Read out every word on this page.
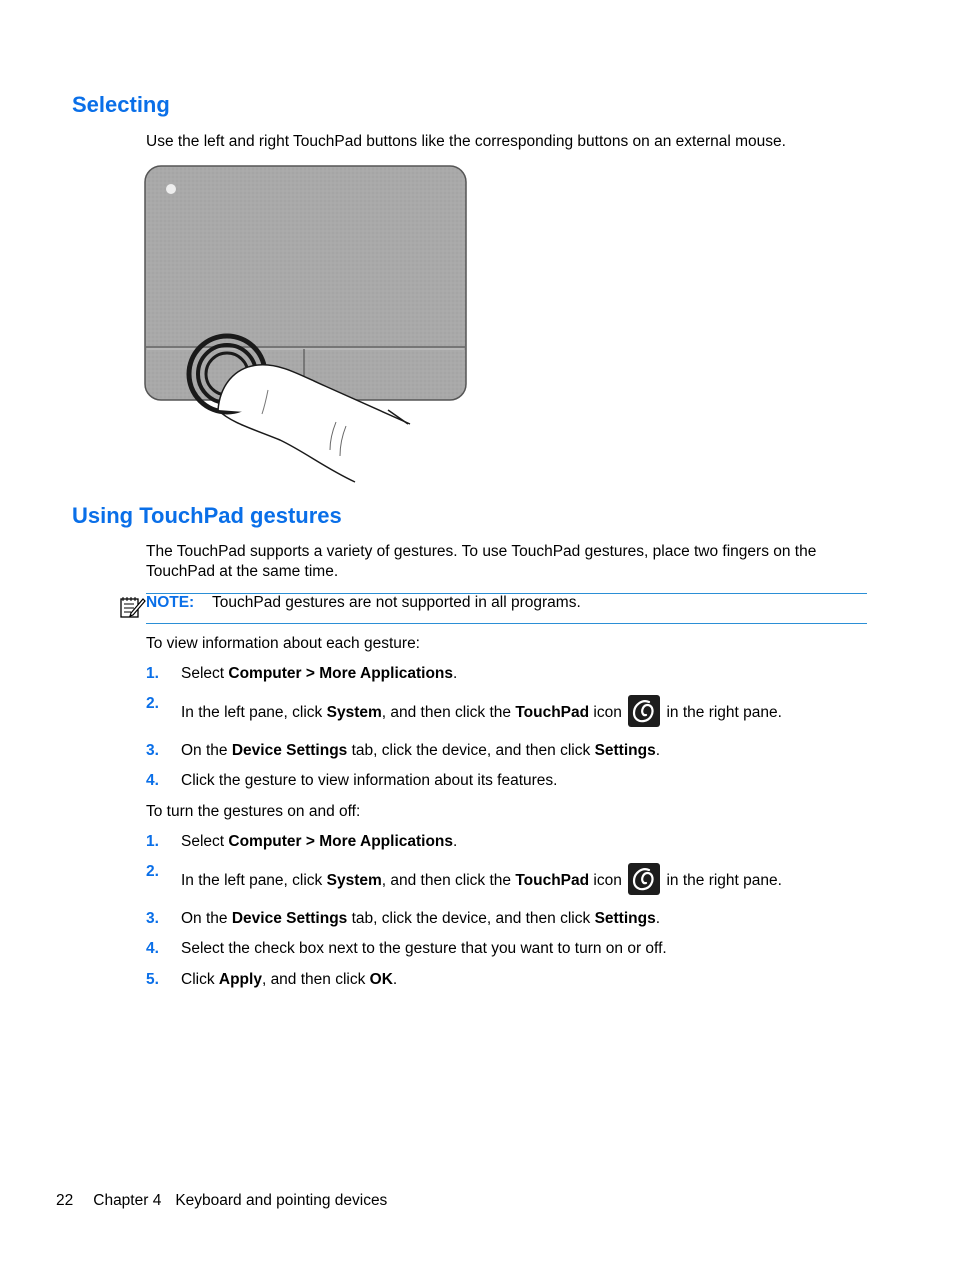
Selecting

Use the left and right TouchPad buttons like the corresponding buttons on an external mouse.

Using TouchPad gestures

The TouchPad supports a variety of gestures. To use TouchPad gestures, place two fingers on the TouchPad at the same time.

NOTE: TouchPad gestures are not supported in all programs.

To view information about each gesture:

1. Select Computer > More Applications.
2.
In the left pane, click System, and then click the TouchPad icon	in the right pane.
3. On the Device Settings tab, click the device, and then click Settings.
4. Click the gesture to view information about its features.

To turn the gestures on and off:

1. Select Computer > More Applications.
2.
In the left pane, click System, and then click the TouchPad icon	in the right pane.
3. On the Device Settings tab, click the device, and then click Settings.
4. Select the check box next to the gesture that you want to turn on or off.
5. Click Apply, and then click OK.
22 Chapter 4 Keyboard and pointing devices
